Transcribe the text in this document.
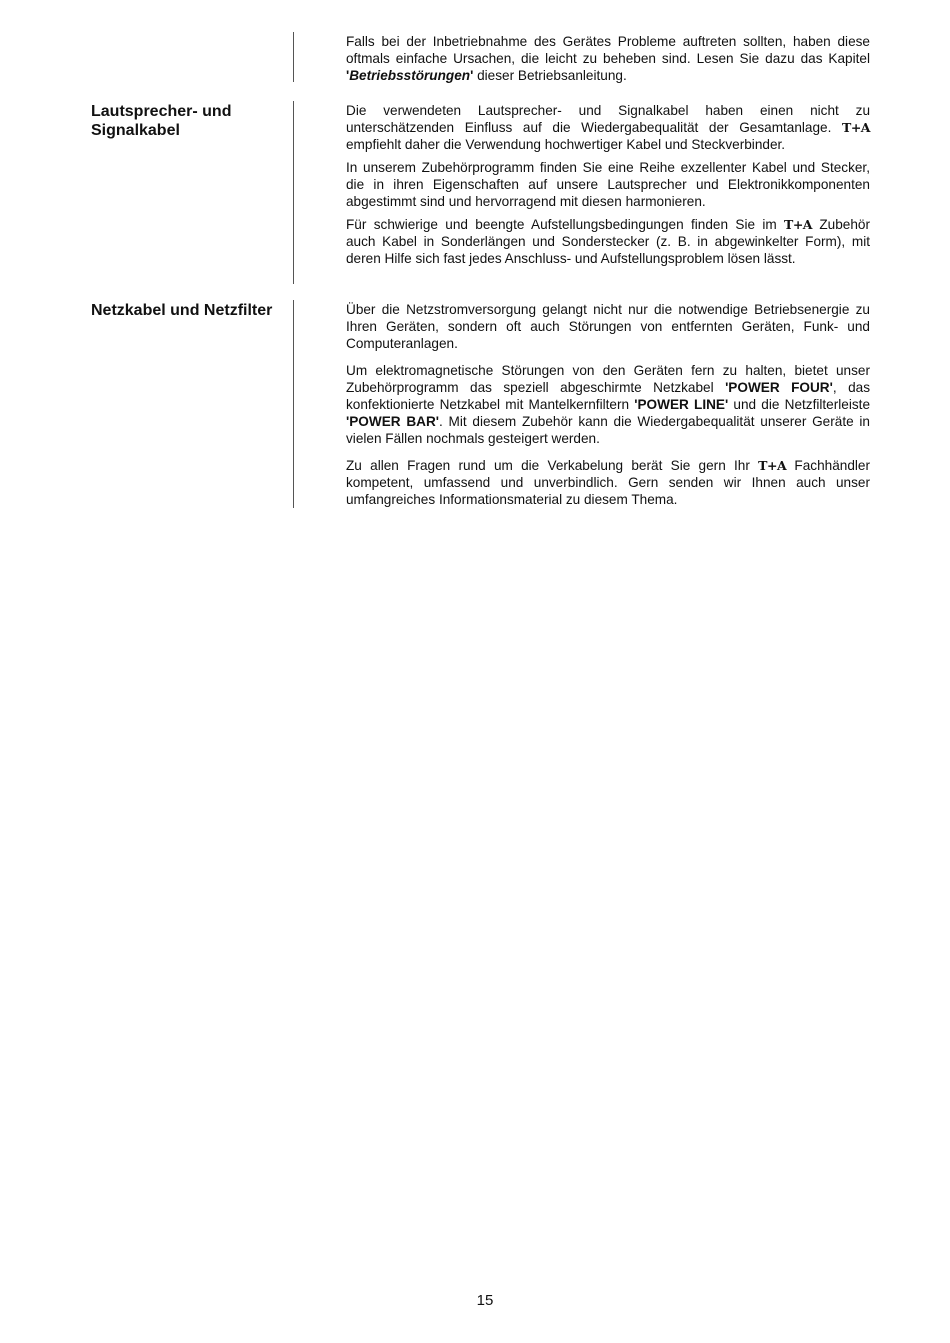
Falls bei der Inbetriebnahme des Gerätes Probleme auftreten sollten, haben diese oftmals einfache Ursachen, die leicht zu beheben sind. Lesen Sie dazu das Kapitel 'Betriebsstörungen' dieser Betriebsanleitung.

Lautsprecher- und
Signalkabel

Die verwendeten Lautsprecher- und Signalkabel haben einen nicht zu unterschätzenden Einfluss auf die Wiedergabequalität der Gesamtanlage. T+A empfiehlt daher die Verwendung hochwertiger Kabel und Steckverbinder.

In unserem Zubehörprogramm finden Sie eine Reihe exzellenter Kabel und Stecker, die in ihren Eigenschaften auf unsere Lautsprecher und Elektronikkomponenten abgestimmt sind und hervorragend mit diesen harmonieren.

Für schwierige und beengte Aufstellungsbedingungen finden Sie im T+A Zubehör auch Kabel in Sonderlängen und Sonderstecker (z. B. in abgewinkelter Form), mit deren Hilfe sich fast jedes Anschluss- und Aufstellungsproblem lösen lässt.

Netzkabel und Netzfilter	Über die Netzstromversorgung gelangt nicht nur die notwendige Betriebsenergie zu Ihren Geräten, sondern oft auch Störungen von entfernten Geräten, Funk- und Computeranlagen.

Um elektromagnetische Störungen von den Geräten fern zu halten, bietet unser Zubehörprogramm das speziell abgeschirmte Netzkabel 'POWER FOUR', das konfektionierte Netzkabel mit Mantelkernfiltern 'POWER LINE' und die Netzfilterleiste 'POWER BAR'. Mit diesem Zubehör kann die Wiedergabequalität unserer Geräte in vielen Fällen nochmals gesteigert werden.

Zu allen Fragen rund um die Verkabelung berät Sie gern Ihr T+A Fachhändler kompetent, umfassend und unverbindlich. Gern senden wir Ihnen auch unser umfangreiches Informationsmaterial zu diesem Thema.

15
